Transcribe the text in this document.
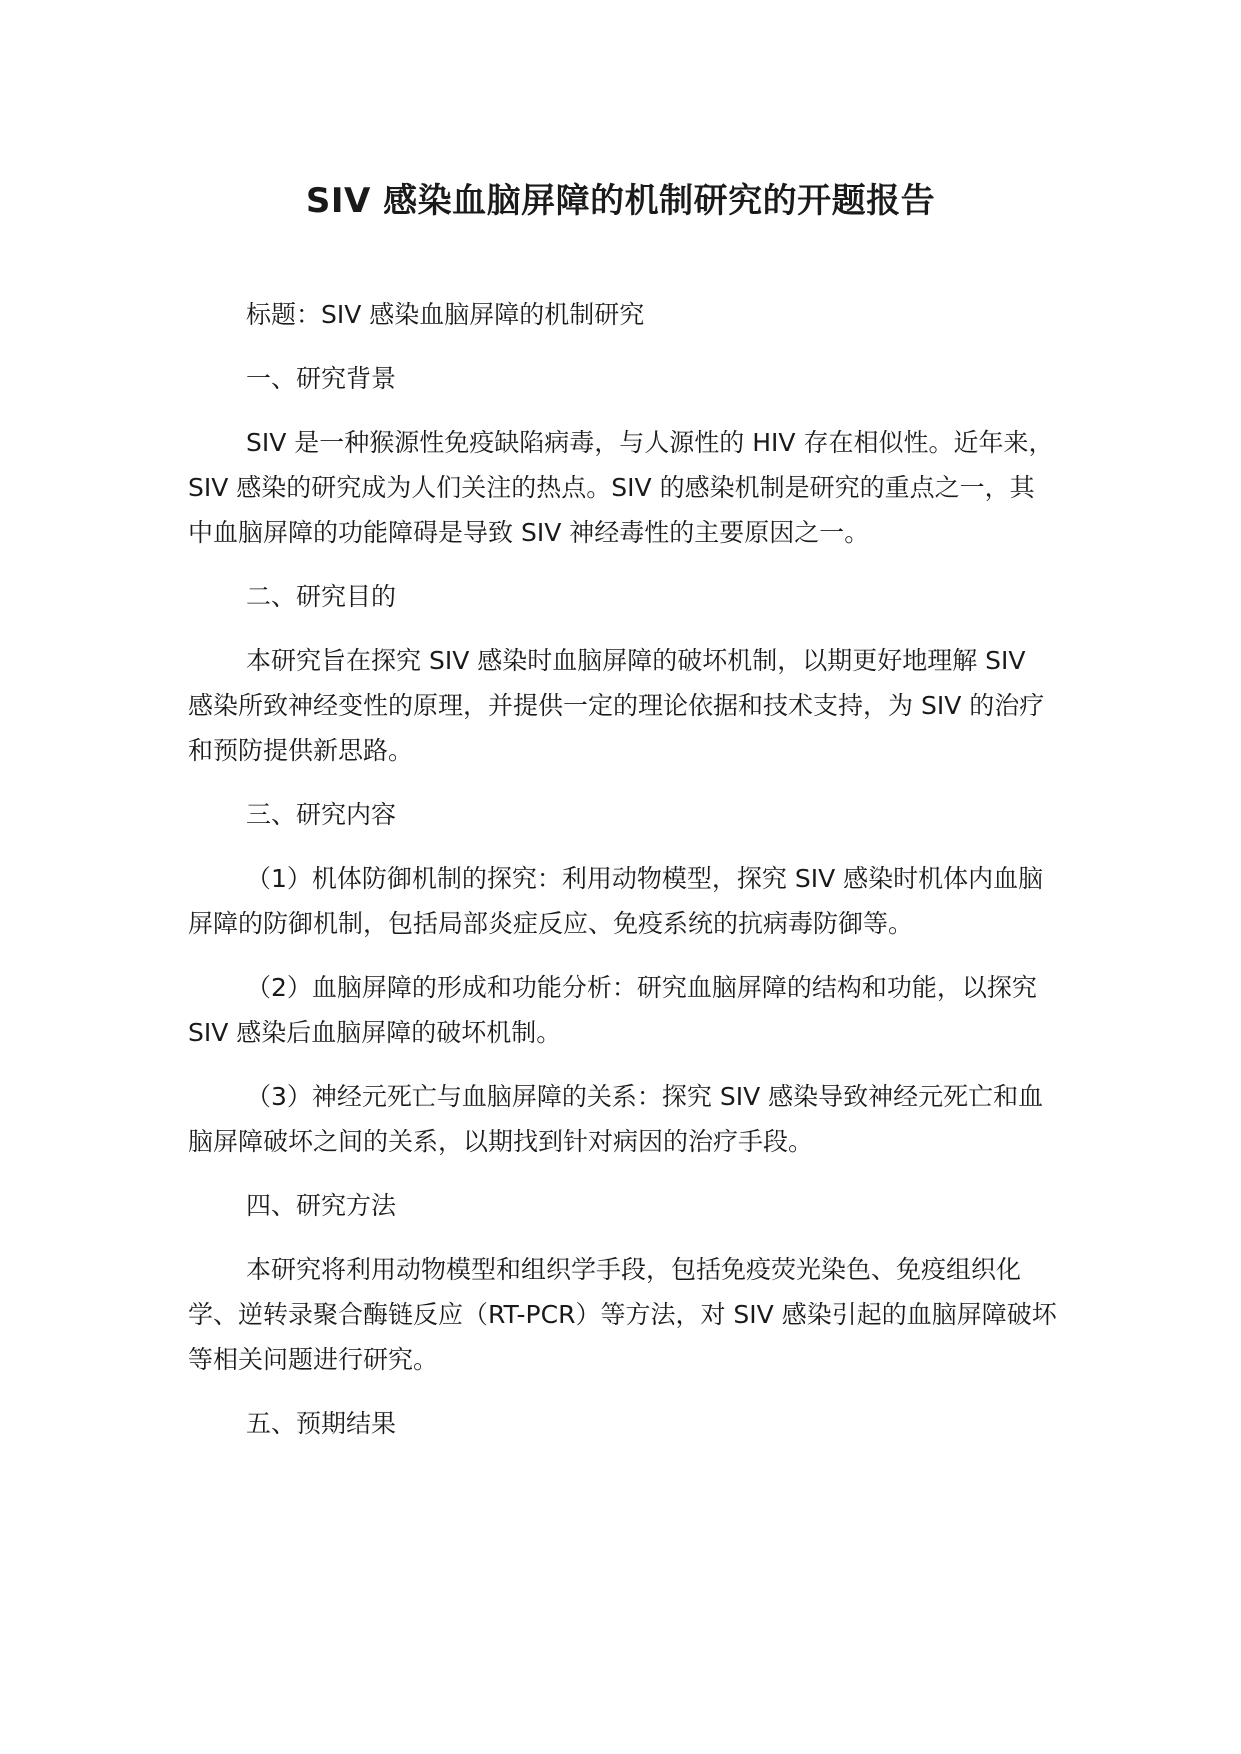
SIV 感染血脑屏障的机制研究的开题报告

标题：SIV 感染血脑屏障的机制研究

一、研究背景

SIV 是一种猴源性免疫缺陷病毒，与人源性的 HIV 存在相似性。近年来，SIV 感染的研究成为人们关注的热点。SIV 的感染机制是研究的重点之一，其中血脑屏障的功能障碍是导致 SIV 神经毒性的主要原因之一。

二、研究目的

本研究旨在探究 SIV 感染时血脑屏障的破坏机制，以期更好地理解 SIV 感染所致神经变性的原理，并提供一定的理论依据和技术支持，为 SIV 的治疗和预防提供新思路。

三、研究内容

（1）机体防御机制的探究：利用动物模型，探究 SIV 感染时机体内血脑屏障的防御机制，包括局部炎症反应、免疫系统的抗病毒防御等。

（2）血脑屏障的形成和功能分析：研究血脑屏障的结构和功能，以探究 SIV 感染后血脑屏障的破坏机制。

（3）神经元死亡与血脑屏障的关系：探究 SIV 感染导致神经元死亡和血脑屏障破坏之间的关系，以期找到针对病因的治疗手段。

四、研究方法

本研究将利用动物模型和组织学手段，包括免疫荧光染色、免疫组织化学、逆转录聚合酶链反应（RT-PCR）等方法，对 SIV 感染引起的血脑屏障破坏等相关问题进行研究。

五、预期结果
